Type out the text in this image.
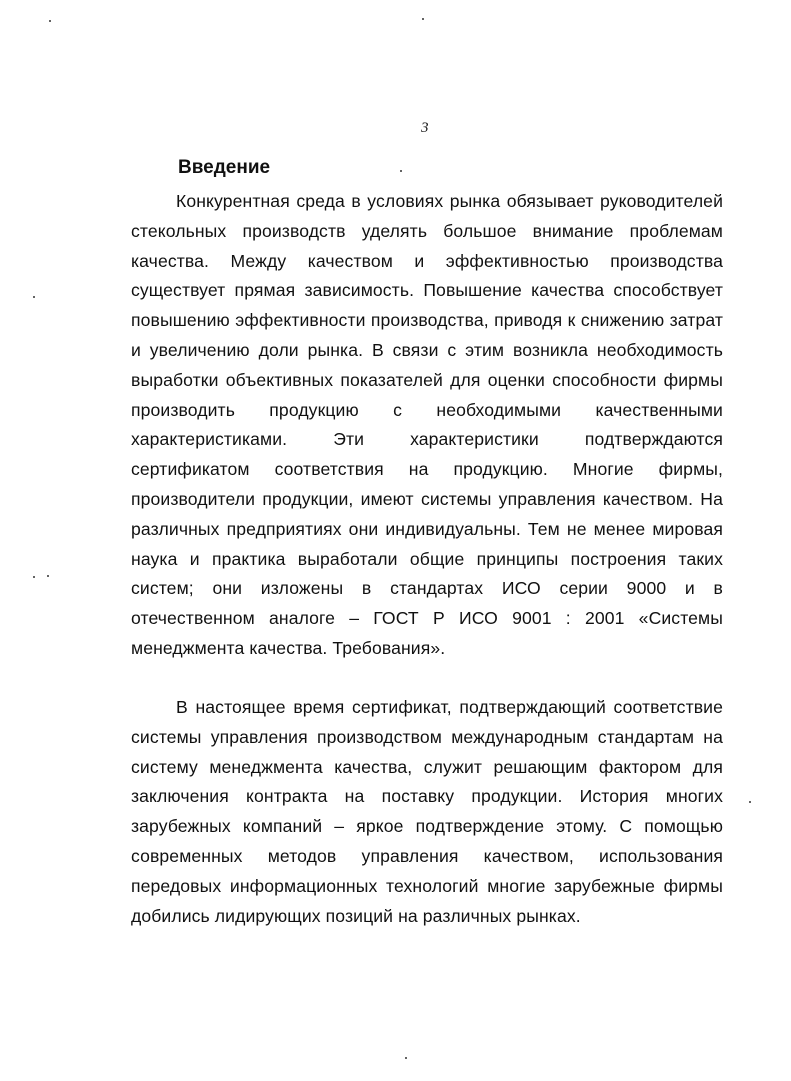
3
Введение

Конкурентная среда в условиях рынка обязывает руководителей стекольных производств уделять большое внимание проблемам качества. Между качеством и эффективностью производства существует прямая зависимость. Повышение качества способствует повышению эффективности производства, приводя к снижению затрат и увеличению доли рынка. В связи с этим возникла необходимость выработки объективных показателей для оценки способности фирмы производить продукцию с необходимыми качественными характеристиками. Эти характеристики подтверждаются сертификатом соответствия на продукцию. Многие фирмы, производители продукции, имеют системы управления качеством. На различных предприятиях они индивидуальны. Тем не менее мировая наука и практика выработали общие принципы построения таких систем; они изложены в стандартах ИСО серии 9000 и в отечественном аналоге – ГОСТ Р ИСО 9001 : 2001 «Системы менеджмента качества. Требования».

В настоящее время сертификат, подтверждающий соответствие системы управления производством международным стандартам на систему менеджмента качества, служит решающим фактором для заключения контракта на поставку продукции. История многих зарубежных компаний – яркое подтверждение этому. С помощью современных методов управления качеством, использования передовых информационных технологий многие зарубежные фирмы добились лидирующих позиций на различных рынках.
